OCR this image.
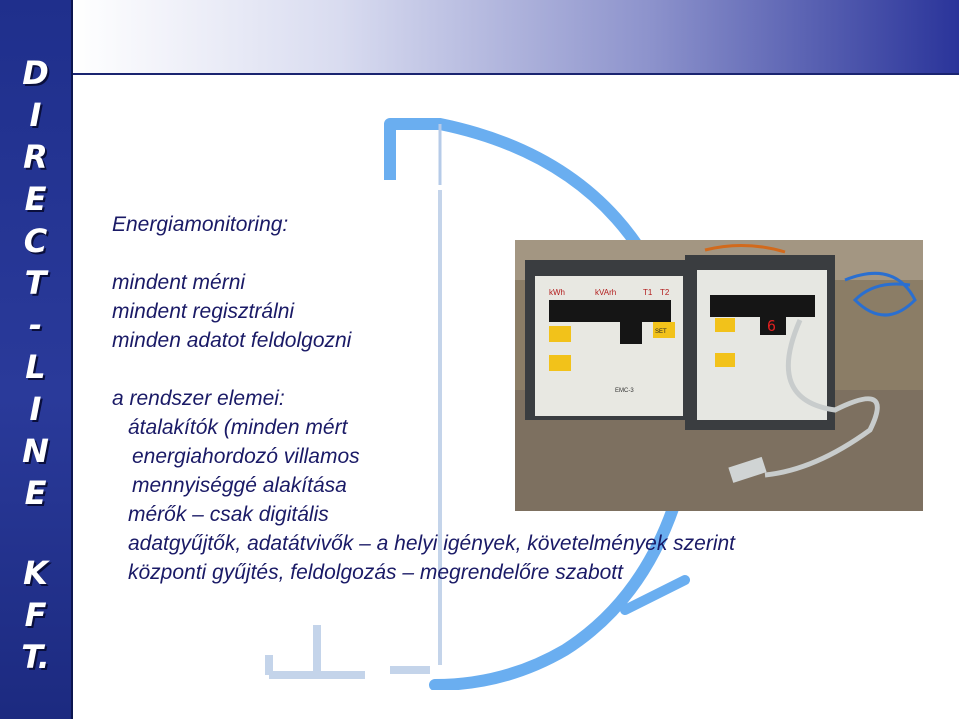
D
I
R
E
C
T
-
L
I
N
E
K
F
T.
kWh	kVArh	T1 T2
SET
EMC-3
6
Energiamonitoring:
mindent mérni
mindent regisztrálni
minden adatot feldolgozni
a rendszer elemei:
átalakítók (minden mért
energiahordozó villamos
mennyiséggé alakítása
mérők – csak digitális
adatgyűjtők, adatátvivők – a helyi igények, követelmények szerint
központi gyűjtés, feldolgozás – megrendelőre szabott
